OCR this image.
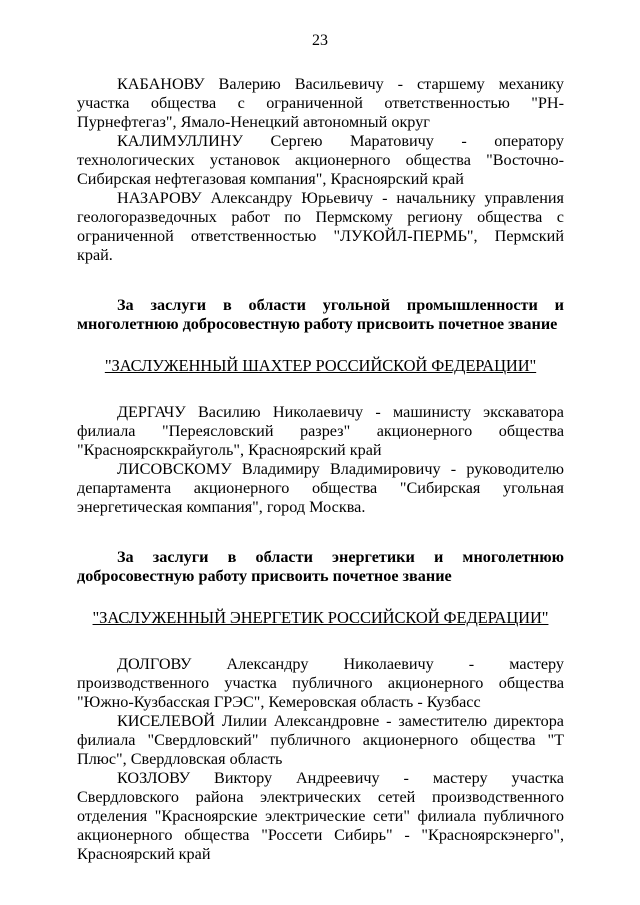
23

КАБАНОВУ Валерию Васильевичу - старшему механику участка общества с ограниченной ответственностью "РН-Пурнефтегаз", Ямало-Ненецкий автономный округ

КАЛИМУЛЛИНУ Сергею Маратовичу - оператору технологических установок акционерного общества "Восточно-Сибирская нефтегазовая компания", Красноярский край

НАЗАРОВУ Александру Юрьевичу - начальнику управления геологоразведочных работ по Пермскому региону общества с ограниченной ответственностью "ЛУКОЙЛ-ПЕРМЬ", Пермский край.

За заслуги в области угольной промышленности и многолетнюю добросовестную работу присвоить почетное звание

"ЗАСЛУЖЕННЫЙ ШАХТЕР РОССИЙСКОЙ ФЕДЕРАЦИИ"

ДЕРГАЧУ Василию Николаевичу - машинисту экскаватора филиала "Переясловский разрез" акционерного общества "Красноярсккрайуголь", Красноярский край

ЛИСОВСКОМУ Владимиру Владимировичу - руководителю департамента акционерного общества "Сибирская угольная энергетическая компания", город Москва.

За заслуги в области энергетики и многолетнюю добросовестную работу присвоить почетное звание

"ЗАСЛУЖЕННЫЙ ЭНЕРГЕТИК РОССИЙСКОЙ ФЕДЕРАЦИИ"

ДОЛГОВУ Александру Николаевичу - мастеру производственного участка публичного акционерного общества "Южно-Кузбасская ГРЭС", Кемеровская область - Кузбасс

КИСЕЛЕВОЙ Лилии Александровне - заместителю директора филиала "Свердловский" публичного акционерного общества "Т Плюс", Свердловская область

КОЗЛОВУ Виктору Андреевичу - мастеру участка Свердловского района электрических сетей производственного отделения "Красноярские электрические сети" филиала публичного акционерного общества "Россети Сибирь" - "Красноярскэнерго", Красноярский край
